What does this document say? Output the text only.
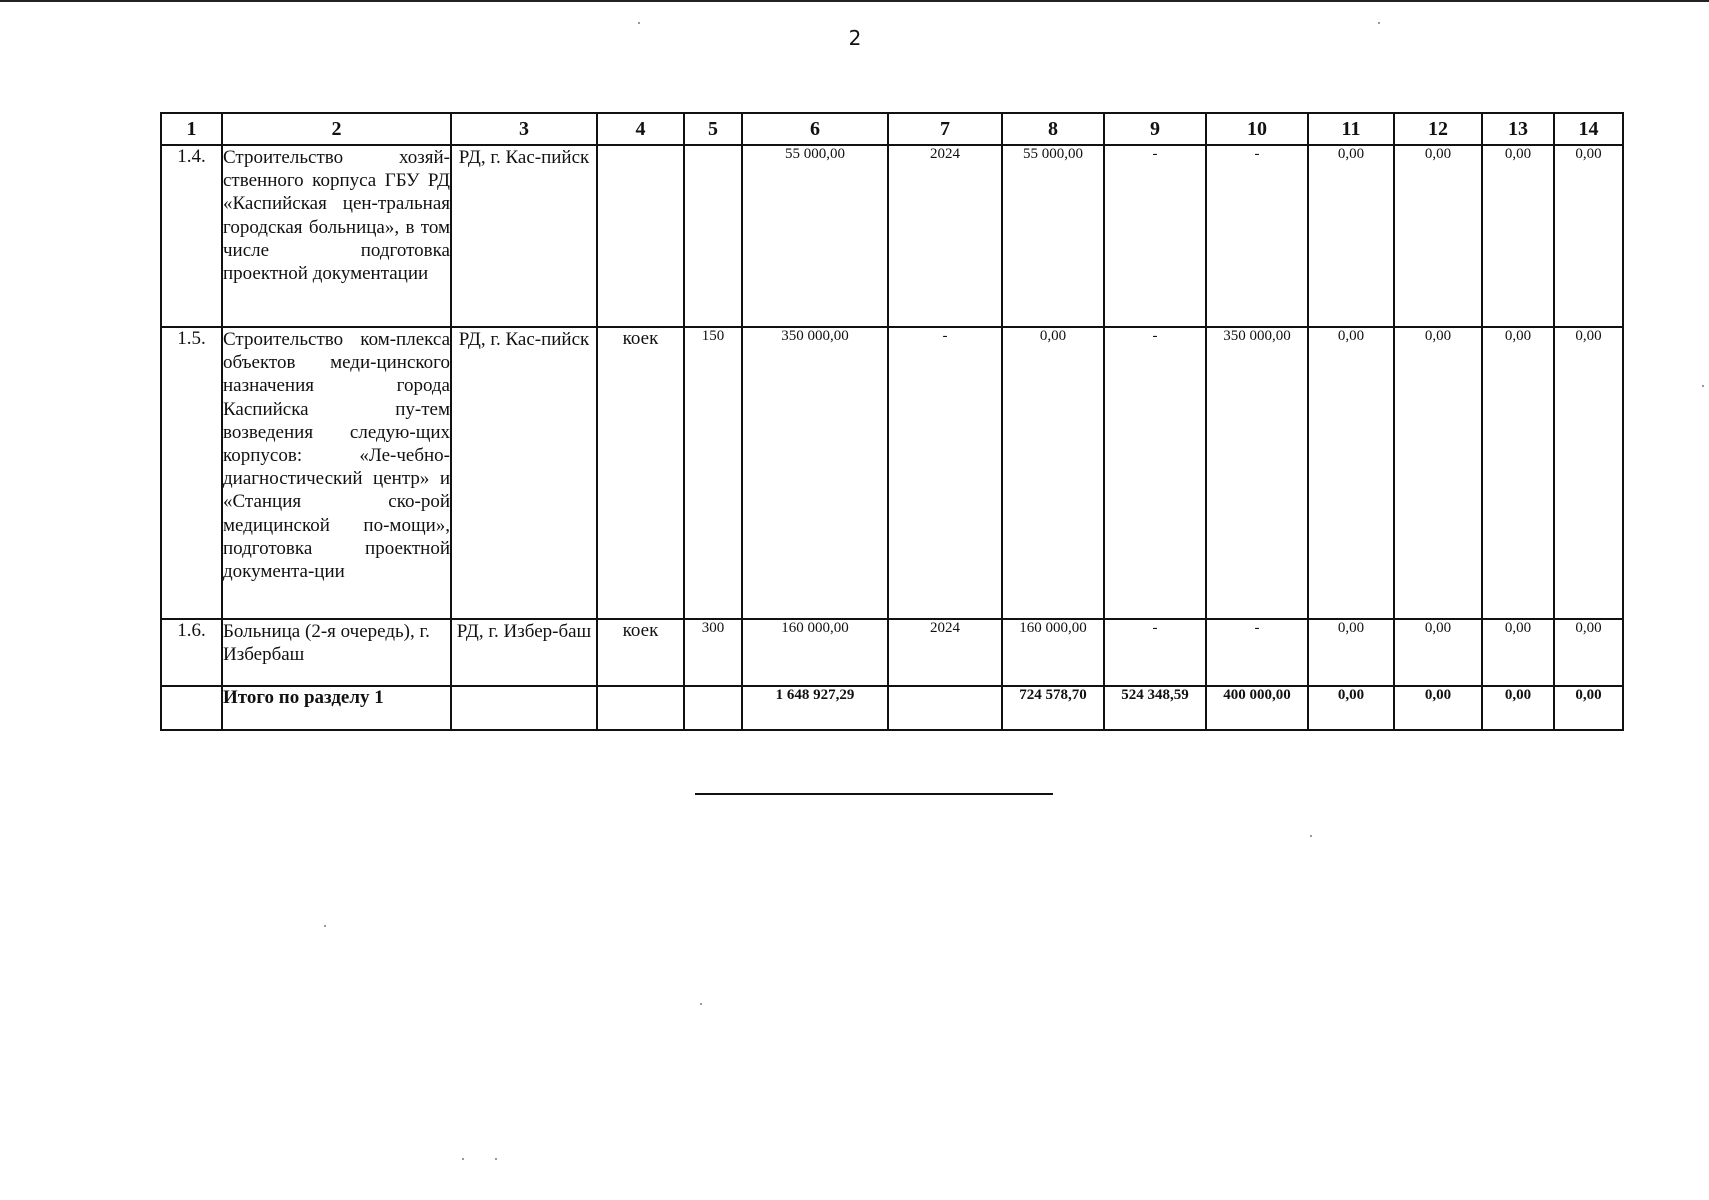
2
1	2	3	4	5	6	7	8	9	10	11	12	13	14
1.4.	Строительство хозяй-ственного корпуса ГБУ РД «Каспийская цен-тральная городская больница», в том числе подготовка проектной документации	РД, г. Кас-пийск			55 000,00	2024	55 000,00	-	-	0,00	0,00	0,00	0,00
1.5.	Строительство ком-плекса объектов меди-цинского назначения города Каспийска пу-тем возведения следую-щих корпусов: «Ле-чебно-диагностический центр» и «Станция ско-рой медицинской по-мощи», подготовка проектной документа-ции	РД, г. Кас-пийск	коек	150	350 000,00	-	0,00	-	350 000,00	0,00	0,00	0,00	0,00
1.6.	Больница (2-я очередь), г. Избербаш	РД, г. Избер-баш	коек	300	160 000,00	2024	160 000,00	-	-	0,00	0,00	0,00	0,00
	Итого по разделу 1				1 648 927,29		724 578,70	524 348,59	400 000,00	0,00	0,00	0,00	0,00
